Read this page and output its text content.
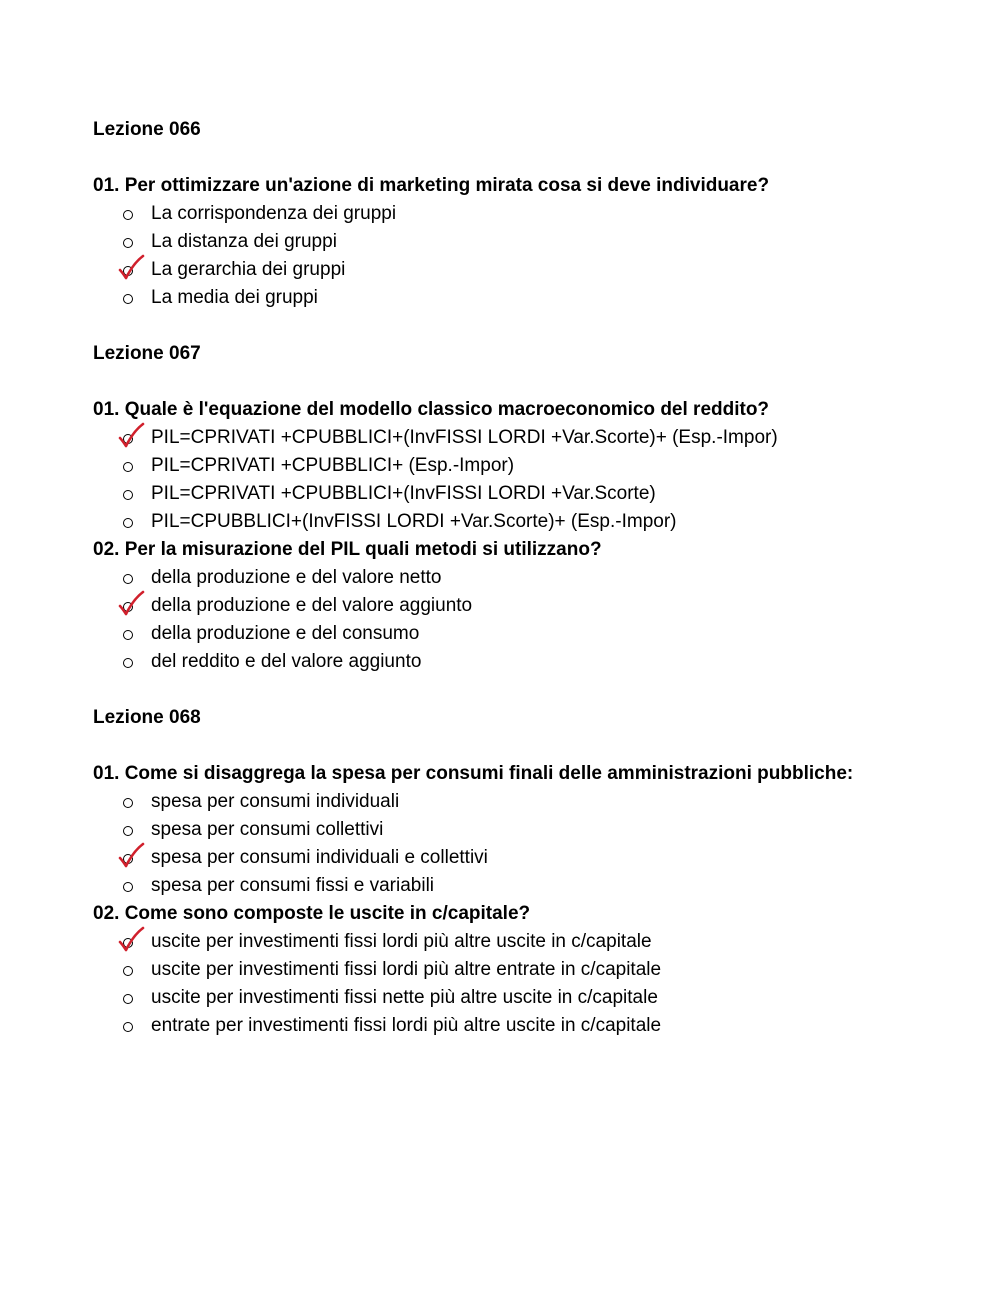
Lezione 066
01. Per ottimizzare un'azione di marketing mirata cosa si deve individuare?
La corrispondenza dei gruppi
La distanza dei gruppi
La gerarchia dei gruppi
La media dei gruppi
Lezione 067
01. Quale è l'equazione del modello classico macroeconomico del reddito?
PIL=CPRIVATI +CPUBBLICI+(InvFISSI LORDI +Var.Scorte)+ (Esp.-Impor)
PIL=CPRIVATI +CPUBBLICI+ (Esp.-Impor)
PIL=CPRIVATI +CPUBBLICI+(InvFISSI LORDI +Var.Scorte)
PIL=CPUBBLICI+(InvFISSI LORDI +Var.Scorte)+ (Esp.-Impor)
02. Per la misurazione del PIL quali metodi si utilizzano?
della produzione e del valore netto
della produzione e del valore aggiunto
della produzione e del consumo
del reddito e del valore aggiunto
Lezione 068
01. Come si disaggrega la spesa per consumi finali delle amministrazioni pubbliche:
spesa per consumi individuali
spesa per consumi collettivi
spesa per consumi individuali e collettivi
spesa per consumi fissi e variabili
02. Come sono composte le uscite in c/capitale?
uscite per investimenti fissi lordi più altre uscite in c/capitale
uscite per investimenti fissi lordi più altre entrate in c/capitale
uscite per investimenti fissi nette più altre uscite in c/capitale
entrate per investimenti fissi lordi più altre uscite in c/capitale
